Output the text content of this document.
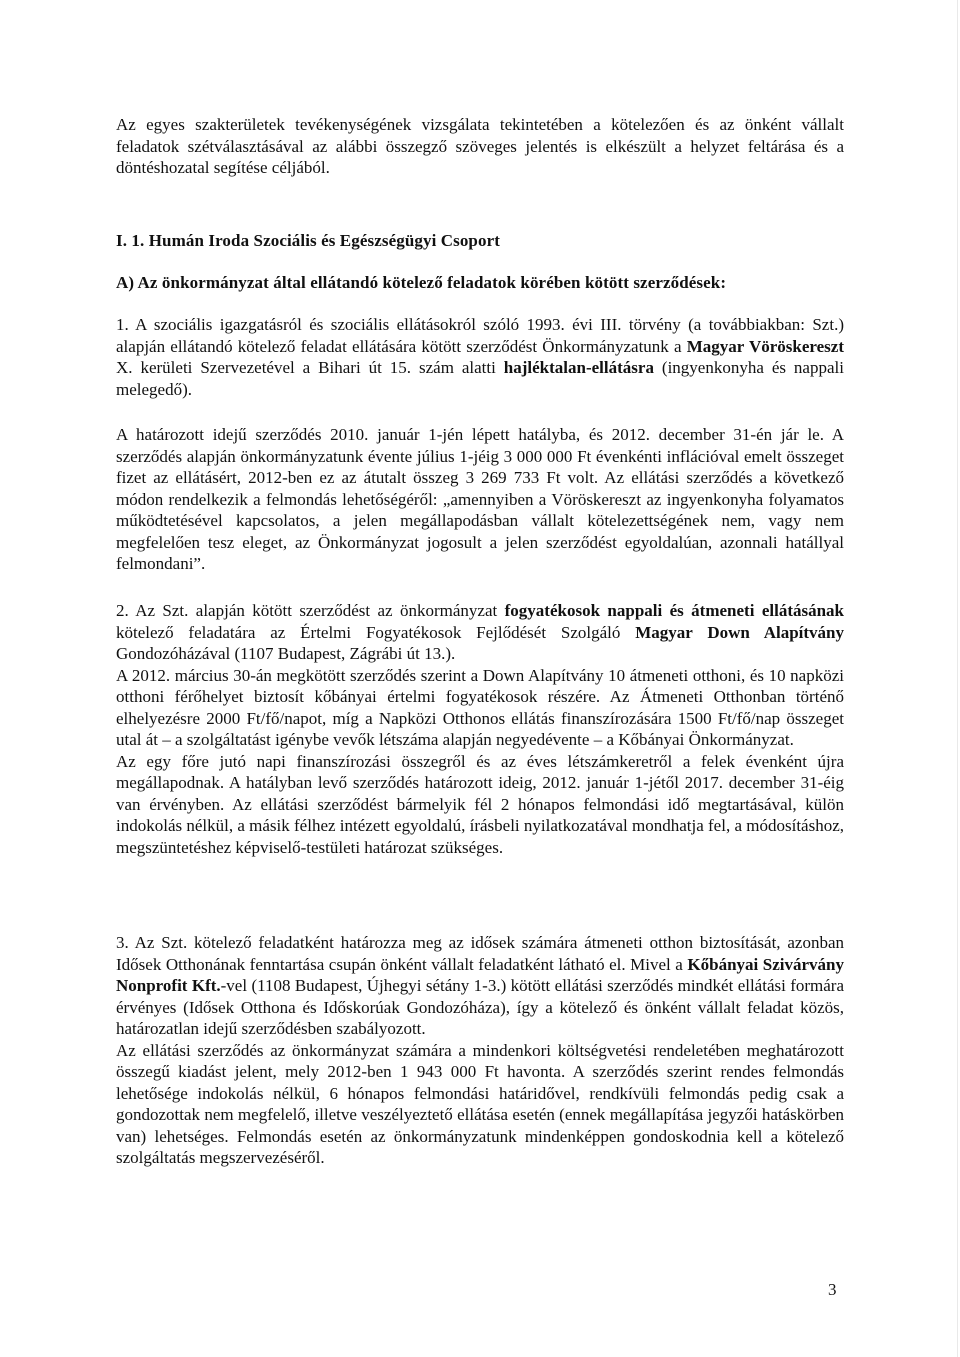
Az egyes szakterületek tevékenységének vizsgálata tekintetében a kötelezően és az önként vállalt feladatok szétválasztásával az alábbi összegző szöveges jelentés is elkészült a helyzet feltárása és a döntéshozatal segítése céljából.

I. 1. Humán Iroda Szociális és Egészségügyi Csoport
A) Az önkormányzat által ellátandó kötelező feladatok körében kötött szerződések:

1. A szociális igazgatásról és szociális ellátásokról szóló 1993. évi III. törvény (a továbbiakban: Szt.) alapján ellátandó kötelező feladat ellátására kötött szerződést Önkormányzatunk a Magyar Vöröskereszt X. kerületi Szervezetével a Bihari út 15. szám alatti hajléktalan-ellátásra (ingyenkonyha és nappali melegedő).

A határozott idejű szerződés 2010. január 1-jén lépett hatályba, és 2012. december 31-én jár le. A szerződés alapján önkormányzatunk évente július 1-jéig 3 000 000 Ft évenkénti inflációval emelt összeget fizet az ellátásért, 2012-ben ez az átutalt összeg 3 269 733 Ft volt. Az ellátási szerződés a következő módon rendelkezik a felmondás lehetőségéről: „amennyiben a Vöröskereszt az ingyenkonyha folyamatos működtetésével kapcsolatos, a jelen megállapodásban vállalt kötelezettségének nem, vagy nem megfelelően tesz eleget, az Önkormányzat jogosult a jelen szerződést egyoldalúan, azonnali hatállyal felmondani”.

2. Az Szt. alapján kötött szerződést az önkormányzat fogyatékosok nappali és átmeneti ellátásának kötelező feladatára az Értelmi Fogyatékosok Fejlődését Szolgáló Magyar Down Alapítvány Gondozóházával (1107 Budapest, Zágrábi út 13.).

A 2012. március 30-án megkötött szerződés szerint a Down Alapítvány 10 átmeneti otthoni, és 10 napközi otthoni férőhelyet biztosít kőbányai értelmi fogyatékosok részére. Az Átmeneti Otthonban történő elhelyezésre 2000 Ft/fő/napot, míg a Napközi Otthonos ellátás finanszírozására 1500 Ft/fő/nap összeget utal át – a szolgáltatást igénybe vevők létszáma alapján negyedévente – a Kőbányai Önkormányzat.

Az egy főre jutó napi finanszírozási összegről és az éves létszámkeretről a felek évenként újra megállapodnak. A hatályban levő szerződés határozott ideig, 2012. január 1-jétől 2017. december 31-éig van érvényben. Az ellátási szerződést bármelyik fél 2 hónapos felmondási idő megtartásával, külön indokolás nélkül, a másik félhez intézett egyoldalú, írásbeli nyilatkozatával mondhatja fel, a módosításhoz, megszüntetéshez képviselő-testületi határozat szükséges.

3. Az Szt. kötelező feladatként határozza meg az idősek számára átmeneti otthon biztosítását, azonban Idősek Otthonának fenntartása csupán önként vállalt feladatként látható el. Mivel a Kőbányai Szivárvány Nonprofit Kft.-vel (1108 Budapest, Újhegyi sétány 1-3.) kötött ellátási szerződés mindkét ellátási formára érvényes (Idősek Otthona és Időskorúak Gondozóháza), így a kötelező és önként vállalt feladat közös, határozatlan idejű szerződésben szabályozott.

Az ellátási szerződés az önkormányzat számára a mindenkori költségvetési rendeletében meghatározott összegű kiadást jelent, mely 2012-ben 1 943 000 Ft havonta. A szerződés szerint rendes felmondás lehetősége indokolás nélkül, 6 hónapos felmondási határidővel, rendkívüli felmondás pedig csak a gondozottak nem megfelelő, illetve veszélyeztető ellátása esetén (ennek megállapítása jegyzői hatáskörben van) lehetséges. Felmondás esetén az önkormányzatunk mindenképpen gondoskodnia kell a kötelező szolgáltatás megszervezéséről.

3
